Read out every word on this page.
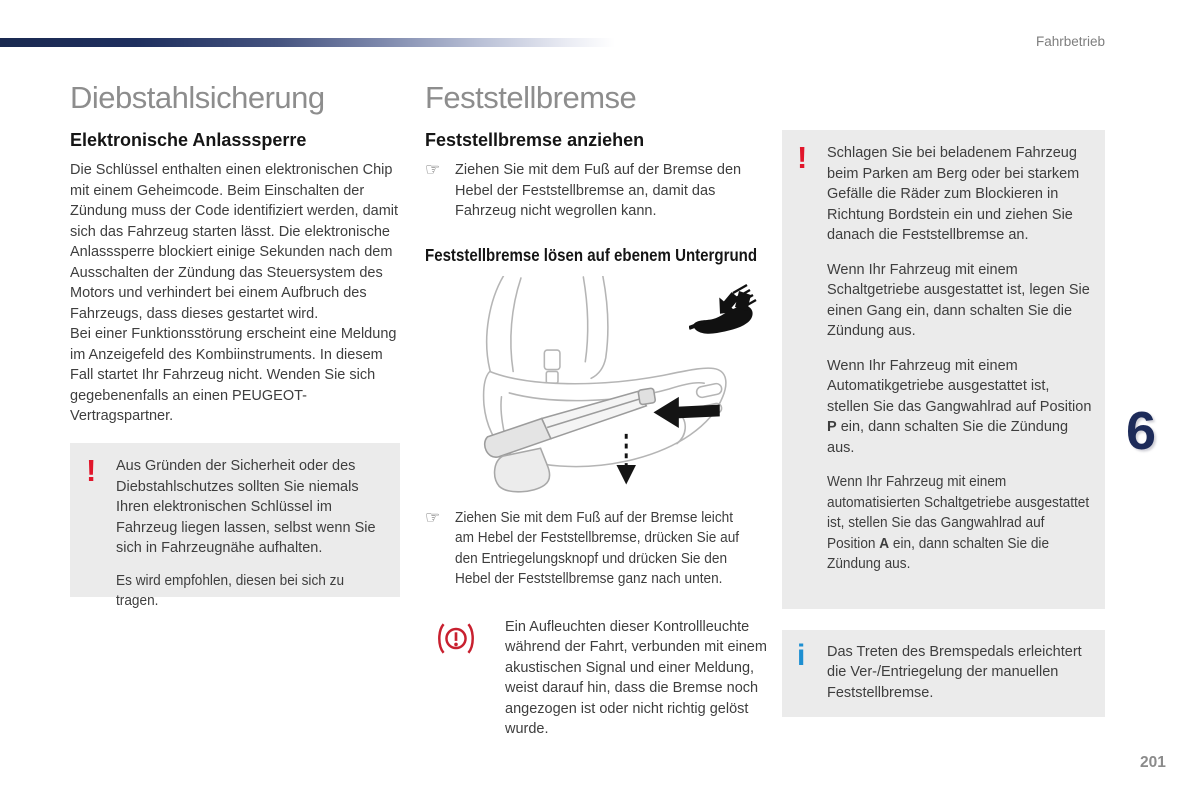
Fahrbetrieb
Diebstahlsicherung
Elektronische Anlasssperre

Die Schlüssel enthalten einen elektronischen Chip mit einem Geheimcode. Beim Einschalten der Zündung muss der Code identifiziert werden, damit sich das Fahrzeug starten lässt. Die elektronische Anlasssperre blockiert einige Sekunden nach dem Ausschalten der Zündung das Steuersystem des Motors und verhindert bei einem Aufbruch des Fahrzeugs, dass dieses gestartet wird.

Bei einer Funktionsstörung erscheint eine Meldung im Anzeigefeld des Kombiinstruments. In diesem Fall startet Ihr Fahrzeug nicht. Wenden Sie sich gegebenenfalls an einen PEUGEOT-Vertragspartner.

!	Aus Gründen der Sicherheit oder des Diebstahlschutzes sollten Sie niemals Ihren elektronischen Schlüssel im Fahrzeug liegen lassen, selbst wenn Sie sich in Fahrzeugnähe aufhalten.

Es wird empfohlen, diesen bei sich zu tragen.

Feststellbremse
Feststellbremse anziehen
☞	Ziehen Sie mit dem Fuß auf der Bremse den Hebel der Feststellbremse an, damit das Fahrzeug nicht wegrollen kann.

Feststellbremse lösen auf ebenem Untergrund
☞	Ziehen Sie mit dem Fuß auf der Bremse leicht am Hebel der Feststellbremse, drücken Sie auf den Entriegelungsknopf und drücken Sie den Hebel der Feststellbremse ganz nach unten.

Ein Aufleuchten dieser Kontrollleuchte während der Fahrt, verbunden mit einem akustischen Signal und einer Meldung, weist darauf hin, dass die Bremse noch angezogen ist oder nicht richtig gelöst wurde.

!	Schlagen Sie bei beladenem Fahrzeug beim Parken am Berg oder bei starkem Gefälle die Räder zum Blockieren in Richtung Bordstein ein und ziehen Sie danach die Feststellbremse an.

Wenn Ihr Fahrzeug mit einem Schaltgetriebe ausgestattet ist, legen Sie einen Gang ein, dann schalten Sie die Zündung aus.

Wenn Ihr Fahrzeug mit einem Automatikgetriebe ausgestattet ist, stellen Sie das Gangwahlrad auf Position P ein, dann schalten Sie die Zündung aus.

Wenn Ihr Fahrzeug mit einem automatisierten Schaltgetriebe ausgestattet ist, stellen Sie das Gangwahlrad auf Position A ein, dann schalten Sie die Zündung aus.

i	Das Treten des Bremspedals erleichtert die Ver-/Entriegelung der manuellen Feststellbremse.

6
201
